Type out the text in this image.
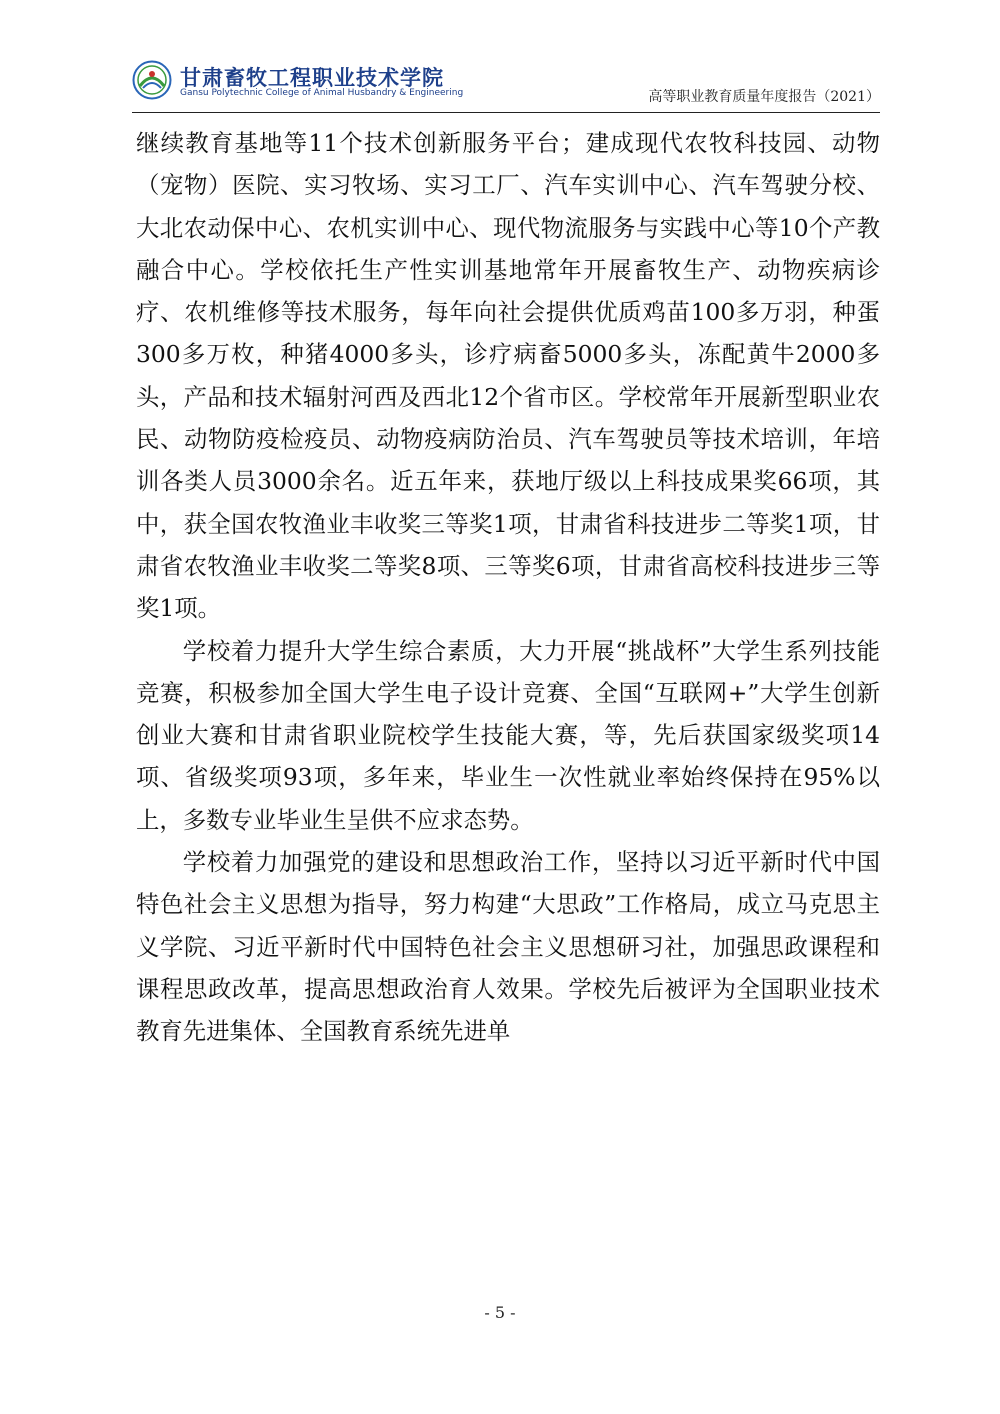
甘肃畜牧工程职业技术学院
Gansu Polytechnic College of Animal Husbandry & Engineering	高等职业教育质量年度报告（2021）

继续教育基地等11个技术创新服务平台；建成现代农牧科技园、动物（宠物）医院、实习牧场、实习工厂、汽车实训中心、汽车驾驶分校、大北农动保中心、农机实训中心、现代物流服务与实践中心等10个产教融合中心。学校依托生产性实训基地常年开展畜牧生产、动物疾病诊疗、农机维修等技术服务，每年向社会提供优质鸡苗100多万羽，种蛋300多万枚，种猪4000多头，诊疗病畜5000多头，冻配黄牛2000多头，产品和技术辐射河西及西北12个省市区。学校常年开展新型职业农民、动物防疫检疫员、动物疫病防治员、汽车驾驶员等技术培训，年培训各类人员3000余名。近五年来，获地厅级以上科技成果奖66项，其中，获全国农牧渔业丰收奖三等奖1项，甘肃省科技进步二等奖1项，甘肃省农牧渔业丰收奖二等奖8项、三等奖6项，甘肃省高校科技进步三等奖1项。

学校着力提升大学生综合素质，大力开展“挑战杯”大学生系列技能竞赛，积极参加全国大学生电子设计竞赛、全国“互联网+”大学生创新创业大赛和甘肃省职业院校学生技能大赛，等，先后获国家级奖项14项、省级奖项93项，多年来，毕业生一次性就业率始终保持在95%以上，多数专业毕业生呈供不应求态势。

学校着力加强党的建设和思想政治工作，坚持以习近平新时代中国特色社会主义思想为指导，努力构建“大思政”工作格局，成立马克思主义学院、习近平新时代中国特色社会主义思想研习社，加强思政课程和课程思政改革，提高思想政治育人效果。学校先后被评为全国职业技术教育先进集体、全国教育系统先进单

- 5 -
